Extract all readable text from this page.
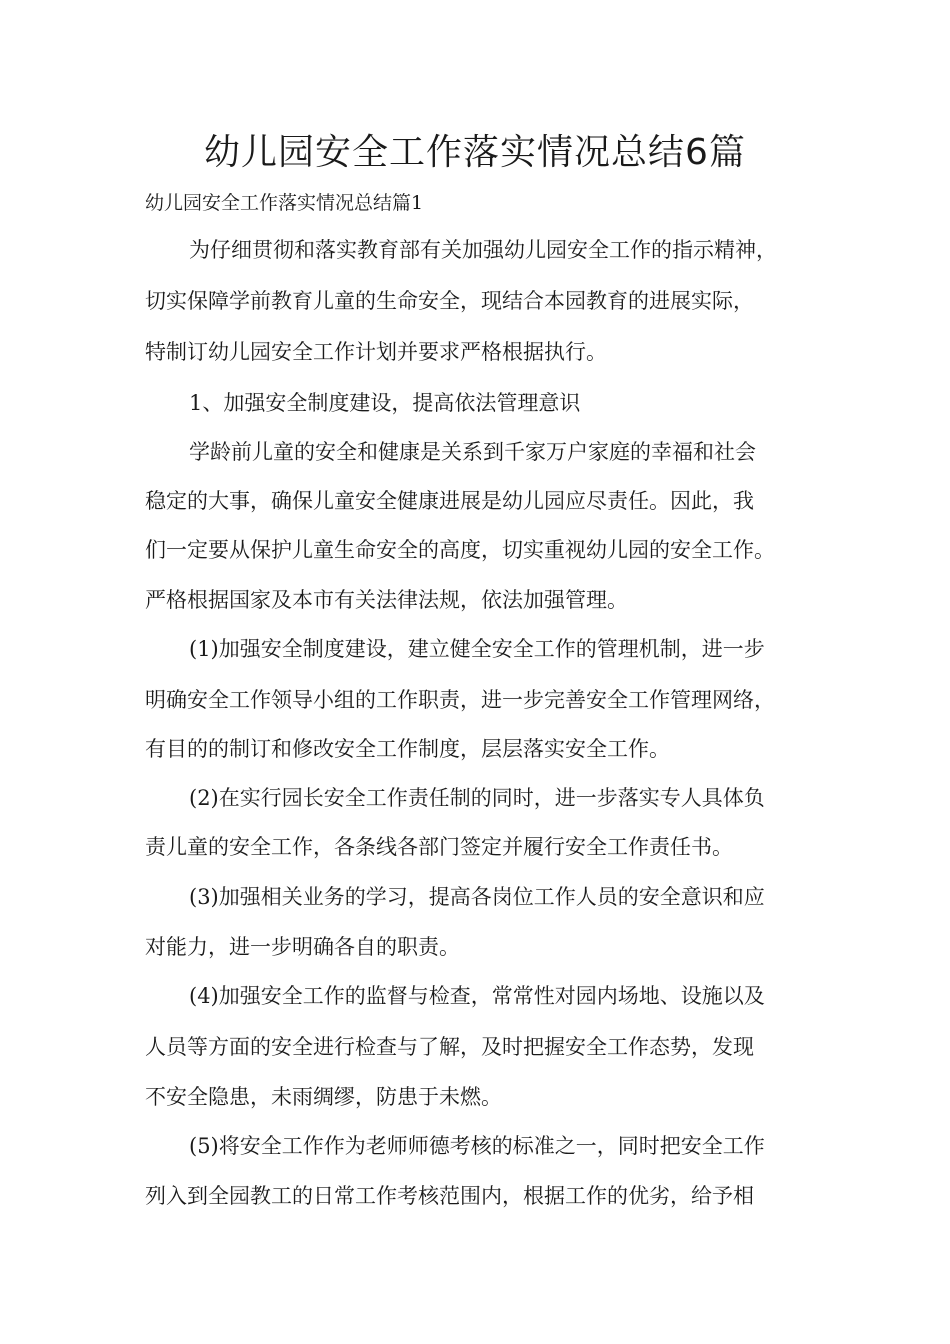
幼儿园安全工作落实情况总结6篇
幼儿园安全工作落实情况总结篇1
为仔细贯彻和落实教育部有关加强幼儿园安全工作的指示精神，
切实保障学前教育儿童的生命安全，现结合本园教育的进展实际，
特制订幼儿园安全工作计划并要求严格根据执行。
1、加强安全制度建设，提高依法管理意识
学龄前儿童的安全和健康是关系到千家万户家庭的幸福和社会
稳定的大事，确保儿童安全健康进展是幼儿园应尽责任。因此，我
们一定要从保护儿童生命安全的高度，切实重视幼儿园的安全工作。
严格根据国家及本市有关法律法规，依法加强管理。
(1)加强安全制度建设，建立健全安全工作的管理机制，进一步
明确安全工作领导小组的工作职责，进一步完善安全工作管理网络，
有目的的制订和修改安全工作制度，层层落实安全工作。
(2)在实行园长安全工作责任制的同时，进一步落实专人具体负
责儿童的安全工作，各条线各部门签定并履行安全工作责任书。
(3)加强相关业务的学习，提高各岗位工作人员的安全意识和应
对能力，进一步明确各自的职责。
(4)加强安全工作的监督与检查，常常性对园内场地、设施以及
人员等方面的安全进行检查与了解，及时把握安全工作态势，发现
不安全隐患，未雨绸缪，防患于未燃。
(5)将安全工作作为老师师德考核的标准之一，同时把安全工作
列入到全园教工的日常工作考核范围内，根据工作的优劣，给予相
